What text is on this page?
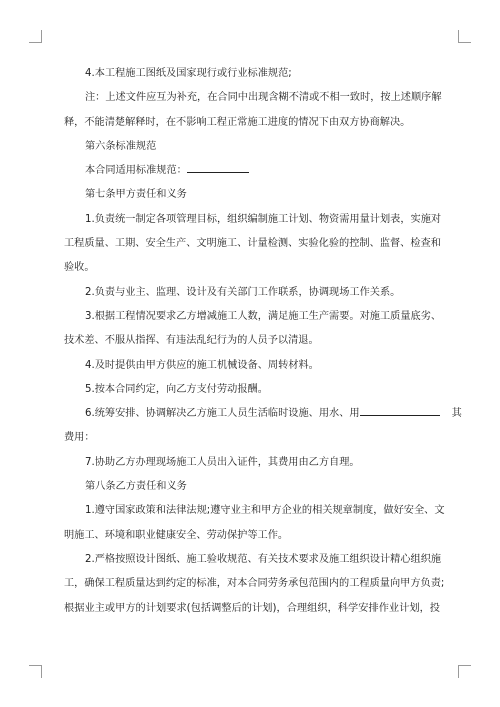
4.本工程施工图纸及国家现行或行业标准规范;
注：上述文件应互为补充，在合同中出现含糊不清或不相一致时，按上述顺序解
释，不能清楚解释时，在不影响工程正常施工进度的情况下由双方协商解决。
第六条标准规范
本合同适用标准规范：
第七条甲方责任和义务
1.负责统一制定各项管理目标，组织编制施工计划、物资需用量计划表，实施对
工程质量、工期、安全生产、文明施工、计量检测、实验化验的控制、监督、检查和
验收。
2.负责与业主、监理、设计及有关部门工作联系，协调现场工作关系。
3.根据工程情况要求乙方增减施工人数，满足施工生产需要。对施工质量底劣、
技术差、不服从指挥、有违法乱纪行为的人员予以清退。
4.及时提供由甲方供应的施工机械设备、周转材料。
5.按本合同约定，向乙方支付劳动报酬。
6.统筹安排、协调解决乙方施工人员生活临时设施、用水、用	其
费用：
7.协助乙方办理现场施工人员出入证件，其费用由乙方自理。
第八条乙方责任和义务
1.遵守国家政策和法律法规;遵守业主和甲方企业的相关规章制度，做好安全、文
明施工、环境和职业健康安全、劳动保护等工作。
2.严格按照设计图纸、施工验收规范、有关技术要求及施工组织设计精心组织施
工，确保工程质量达到约定的标准，对本合同劳务承包范围内的工程质量向甲方负责;
根据业主或甲方的计划要求(包括调整后的计划)，合理组织，科学安排作业计划，投
